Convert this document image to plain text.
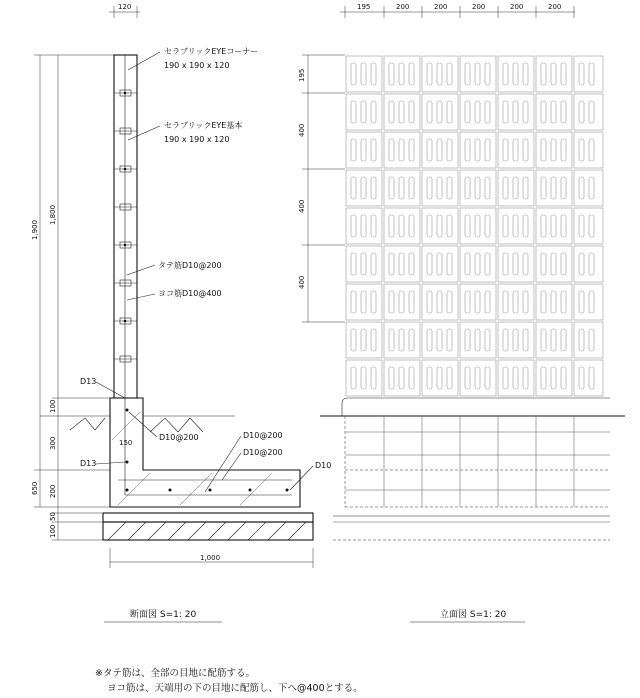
120
1,900
1,800
100
300
200
100
50
650
1,000
セラブリックEYEコーナー
190 x 190 x 120
セラブリックEYE基本
190 x 190 x 120
タテ筋D10@200
ヨコ筋D10@400
D13
D13
D10@200
150
D10@200
D10@200
D10
断面図 S=1: 20
195	200	200	200	200	200
195
400
400
400
立面図 S=1: 20
※タテ筋は、全部の目地に配筋する。
ヨコ筋は、天端用の下の目地に配筋し、下へ@400とする。
